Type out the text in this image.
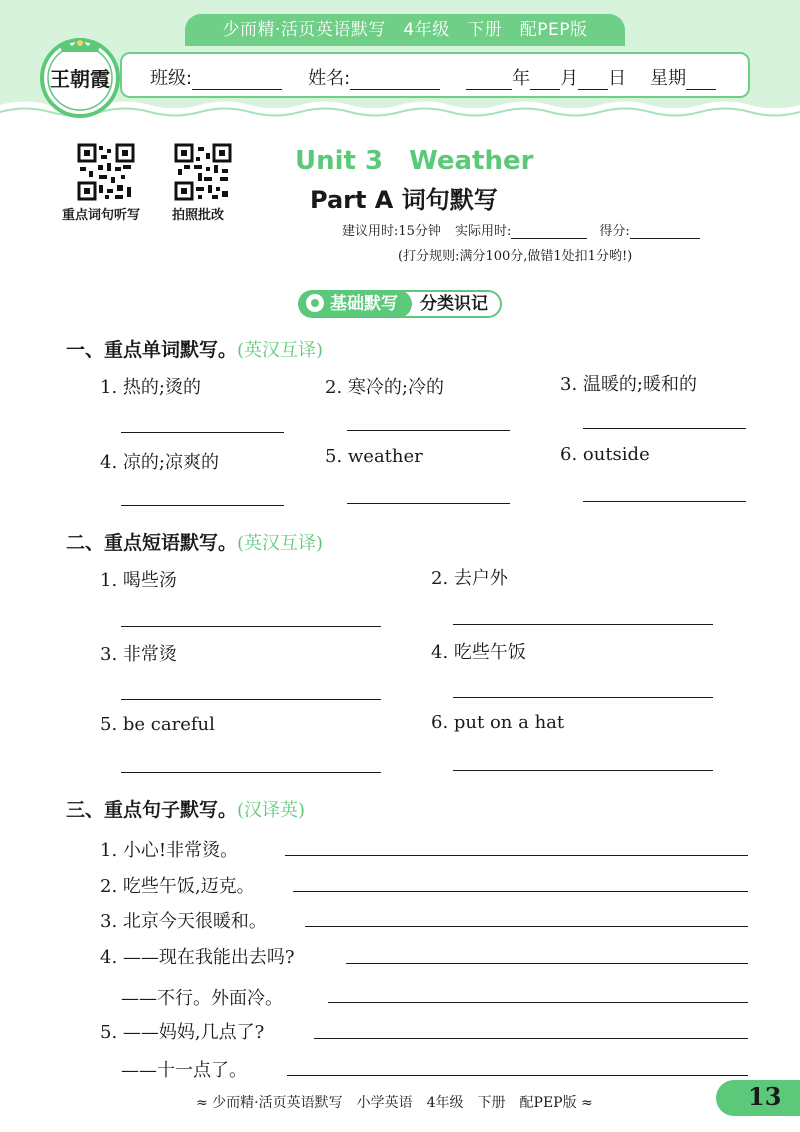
少而精·活页英语默写　4年级　下册　配PEP版
王朝霞 班级:	姓名:	年 月 日 星期
重点词句听写 拍照批改
Unit 3　Weather
Part A 词句默写
建议用时:15分钟 实际用时:	得分:
(打分规则:满分100分,做错1处扣1分哟!)
基础默写 分类识记
一、重点单词默写。(英汉互译)
1. 热的;烫的	2. 寒冷的;冷的	3. 温暖的;暖和的
4. 凉的;凉爽的	5. weather	6. outside
二、重点短语默写。(英汉互译)
1. 喝些汤	2. 去户外
3. 非常烫	4. 吃些午饭
5. be careful	6. put on a hat
三、重点句子默写。(汉译英)
1. 小心!非常烫。
2. 吃些午饭,迈克。
3. 北京今天很暖和。
4. ——现在我能出去吗?
——不行。外面冷。
5. ——妈妈,几点了?
——十一点了。
≈ 少而精·活页英语默写　小学英语　4年级　下册　配PEP版 ≈	13
